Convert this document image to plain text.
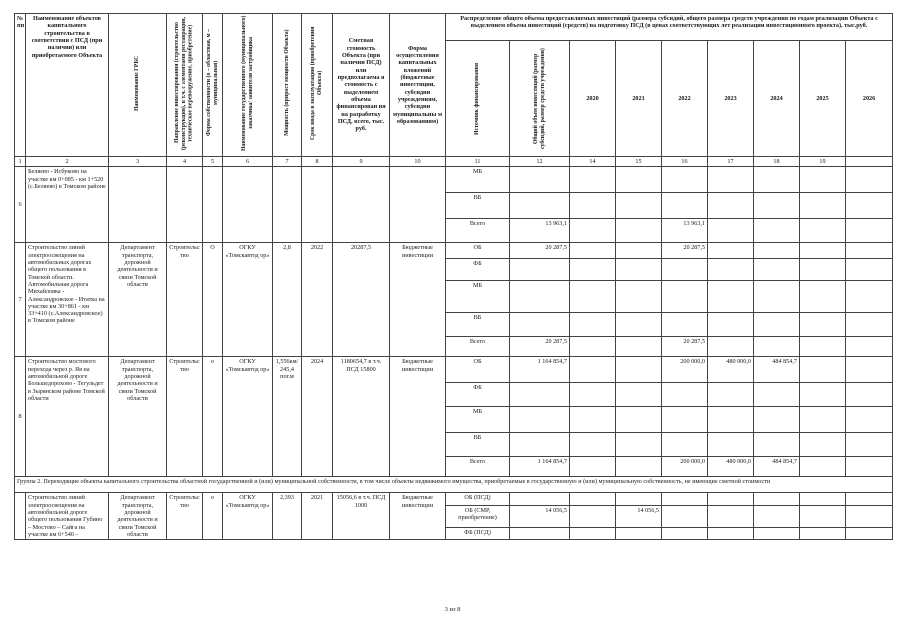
№ пп	Наименование объектов капитального строительства в соответствии с ПСД (при наличии) или приобретаемого Объекта	Наименование ГРБС	Направление инвестирования (строительство (реконструкция), в т.ч. с элементами реставрации, техническое перевооружение, приобретение)	Форма собственности (о – областная, м – муниципальная)	Наименование государственного (муниципального) заказчика/ заявителя застройщика	Мощность (прирост мощности Объекта)	Срок ввода в эксплуатацию (приобретения Объекта)	Сметная стоимость Объекта (при наличии ПСД) или предполагаема я стоимость с выделением объема финансирован ия на разработку ПСД, всего, тыс. руб.	Форма осуществления капитальных вложений (бюджетные инвестиции, субсидии учреждениям, субсидии муниципальны м образованиям)	Распределение общего объема предоставляемых инвестиций (размера субсидий, общего размера средств учреждения по годам реализации Объекта с выделением объема инвестиций (средств) на подготовку ПСД (в ценах соответствующих лет реализации инвестиционного проекта), тыс.руб.								

										Источник финансирования	Общий объем инвестиций (размер субсидий, размер средств учреждения)	2020	2021	2022	2023	2024	2025	2026
1	2	3	4	5	6	7	8	9	10	11	12	14	15	16	17	18	19	
6	Беляево - Исбуково на участке км 0+085 - км 1+520 (с.Беляево) в Томском районе									МБ								
										ВБ								
										Всего	13 963,1			13 963,1				
7	Строительство линий электроосвещения на автомобильных дорогах общего пользования в Томской области. Автомобильная дорога Михайловка - Александровское - Итатка на участке км 30+861 - км 33+410 (с.Александровское) в Томском районе	Департамент транспорта, дорожной деятельности и связи Томской области	Строительс тво	О	ОГКУ «Томскавтод ор»	2,8	2022	20287,5	Бюджетные инвестиции	ОБ	20 287,5			20 287,5				
										ФБ								
										МБ								
										ВБ								
										Всего	20 287,5			20 287,5				
8	Строительство мостового перехода через р. Яя на автомобильной дороге Большедорохово - Тегульдет в Зырянском районе Томской области	Департамент транспорта, дорожной деятельности и связи Томской области	Строительс тво	о	ОГКУ «Томскавтод ор»	1,556км/ 245,4 пог.м	2024	1180654,7 в т.ч. ПСД 15800	Бюджетные инвестиции	ОБ	1 164 854,7			200 000,0	480 000,0	484 854,7		
										ФБ								
										МБ								
										ВБ								
										Всего	1 164 854,7			200 000,0	480 000,0	484 854,7		
Группа 2. Переходящие объекты капитального строительства областной государственной и (или) муниципальной собственности, в том числе объекты недвижимого имущества, приобретаемые в государственную и (или) муниципальную собственность, не имеющие сметной стоимости																		
	Строительство линий электроосвещения на автомобильной дороге общего пользования Губино – Мостово – Сайга на участке км 6+540 –	Департамент транспорта, дорожной деятельности и связи Томской области	Строительс тво	о	ОГКУ «Томскавтод ор»	2,393	2021	15056,6 в т.ч. ПСД 1000	Бюджетные инвестиции	ОБ (ПСД)								
										ОБ (СМР, приобретение)	14 056,5		14 056,5					
										ФБ (ПСД)								
3 из 8
